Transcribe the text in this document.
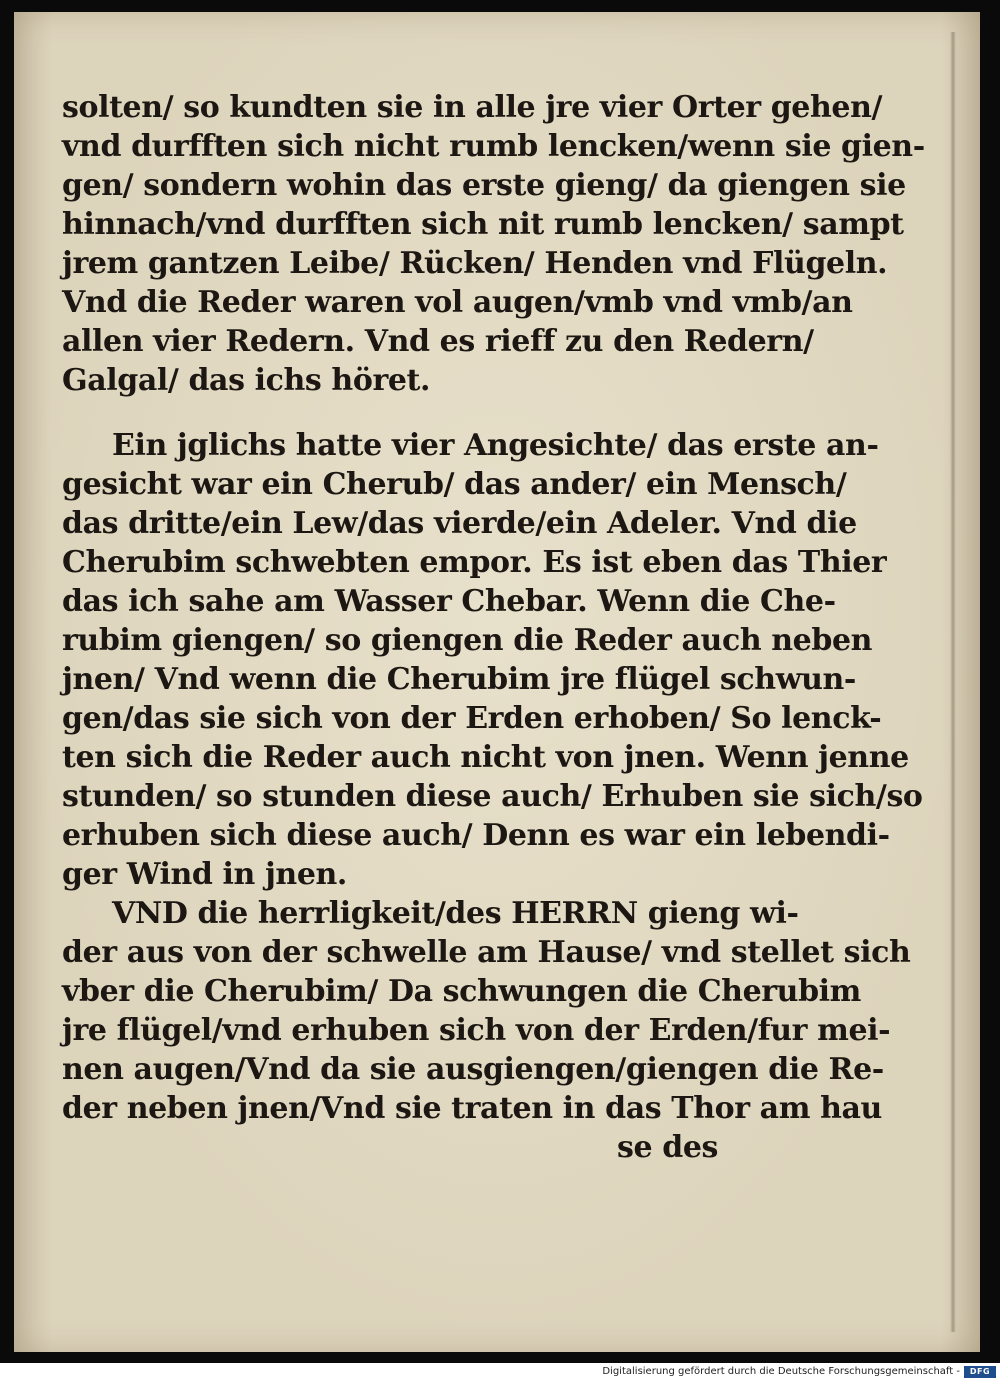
solten/ so kundten sie in alle jre vier Orter gehen/
vnd durfften sich nicht rumb lencken/wenn sie gien-
gen/ sondern wohin das erste gieng/ da giengen sie
hinnach/vnd durfften sich nit rumb lencken/ sampt
jrem gantzen Leibe/ Rücken/ Henden vnd Flügeln.
Vnd die Reder waren vol augen/vmb vnd vmb/an
allen vier Redern. Vnd es rieff zu den Redern/
Galgal/ das ichs höret.
Ein jglichs hatte vier Angesichte/ das erste an-
gesicht war ein Cherub/ das ander/ ein Mensch/
das dritte/ein Lew/das vierde/ein Adeler. Vnd die
Cherubim schwebten empor. Es ist eben das Thier
das ich sahe am Wasser Chebar. Wenn die Che-
rubim giengen/ so giengen die Reder auch neben
jnen/ Vnd wenn die Cherubim jre flügel schwun-
gen/das sie sich von der Erden erhoben/ So lenck-
ten sich die Reder auch nicht von jnen. Wenn jenne
stunden/ so stunden diese auch/ Erhuben sie sich/so
erhuben sich diese auch/ Denn es war ein lebendi-
ger Wind in jnen.
VND die herrligkeit/des HERRN gieng wi-
der aus von der schwelle am Hause/ vnd stellet sich
vber die Cherubim/ Da schwungen die Cherubim
jre flügel/vnd erhuben sich von der Erden/fur mei-
nen augen/Vnd da sie ausgiengen/giengen die Re-
der neben jnen/Vnd sie traten in das Thor am hau
se des
Digitalisierung gefördert durch die Deutsche Forschungsgemeinschaft -	DFG
